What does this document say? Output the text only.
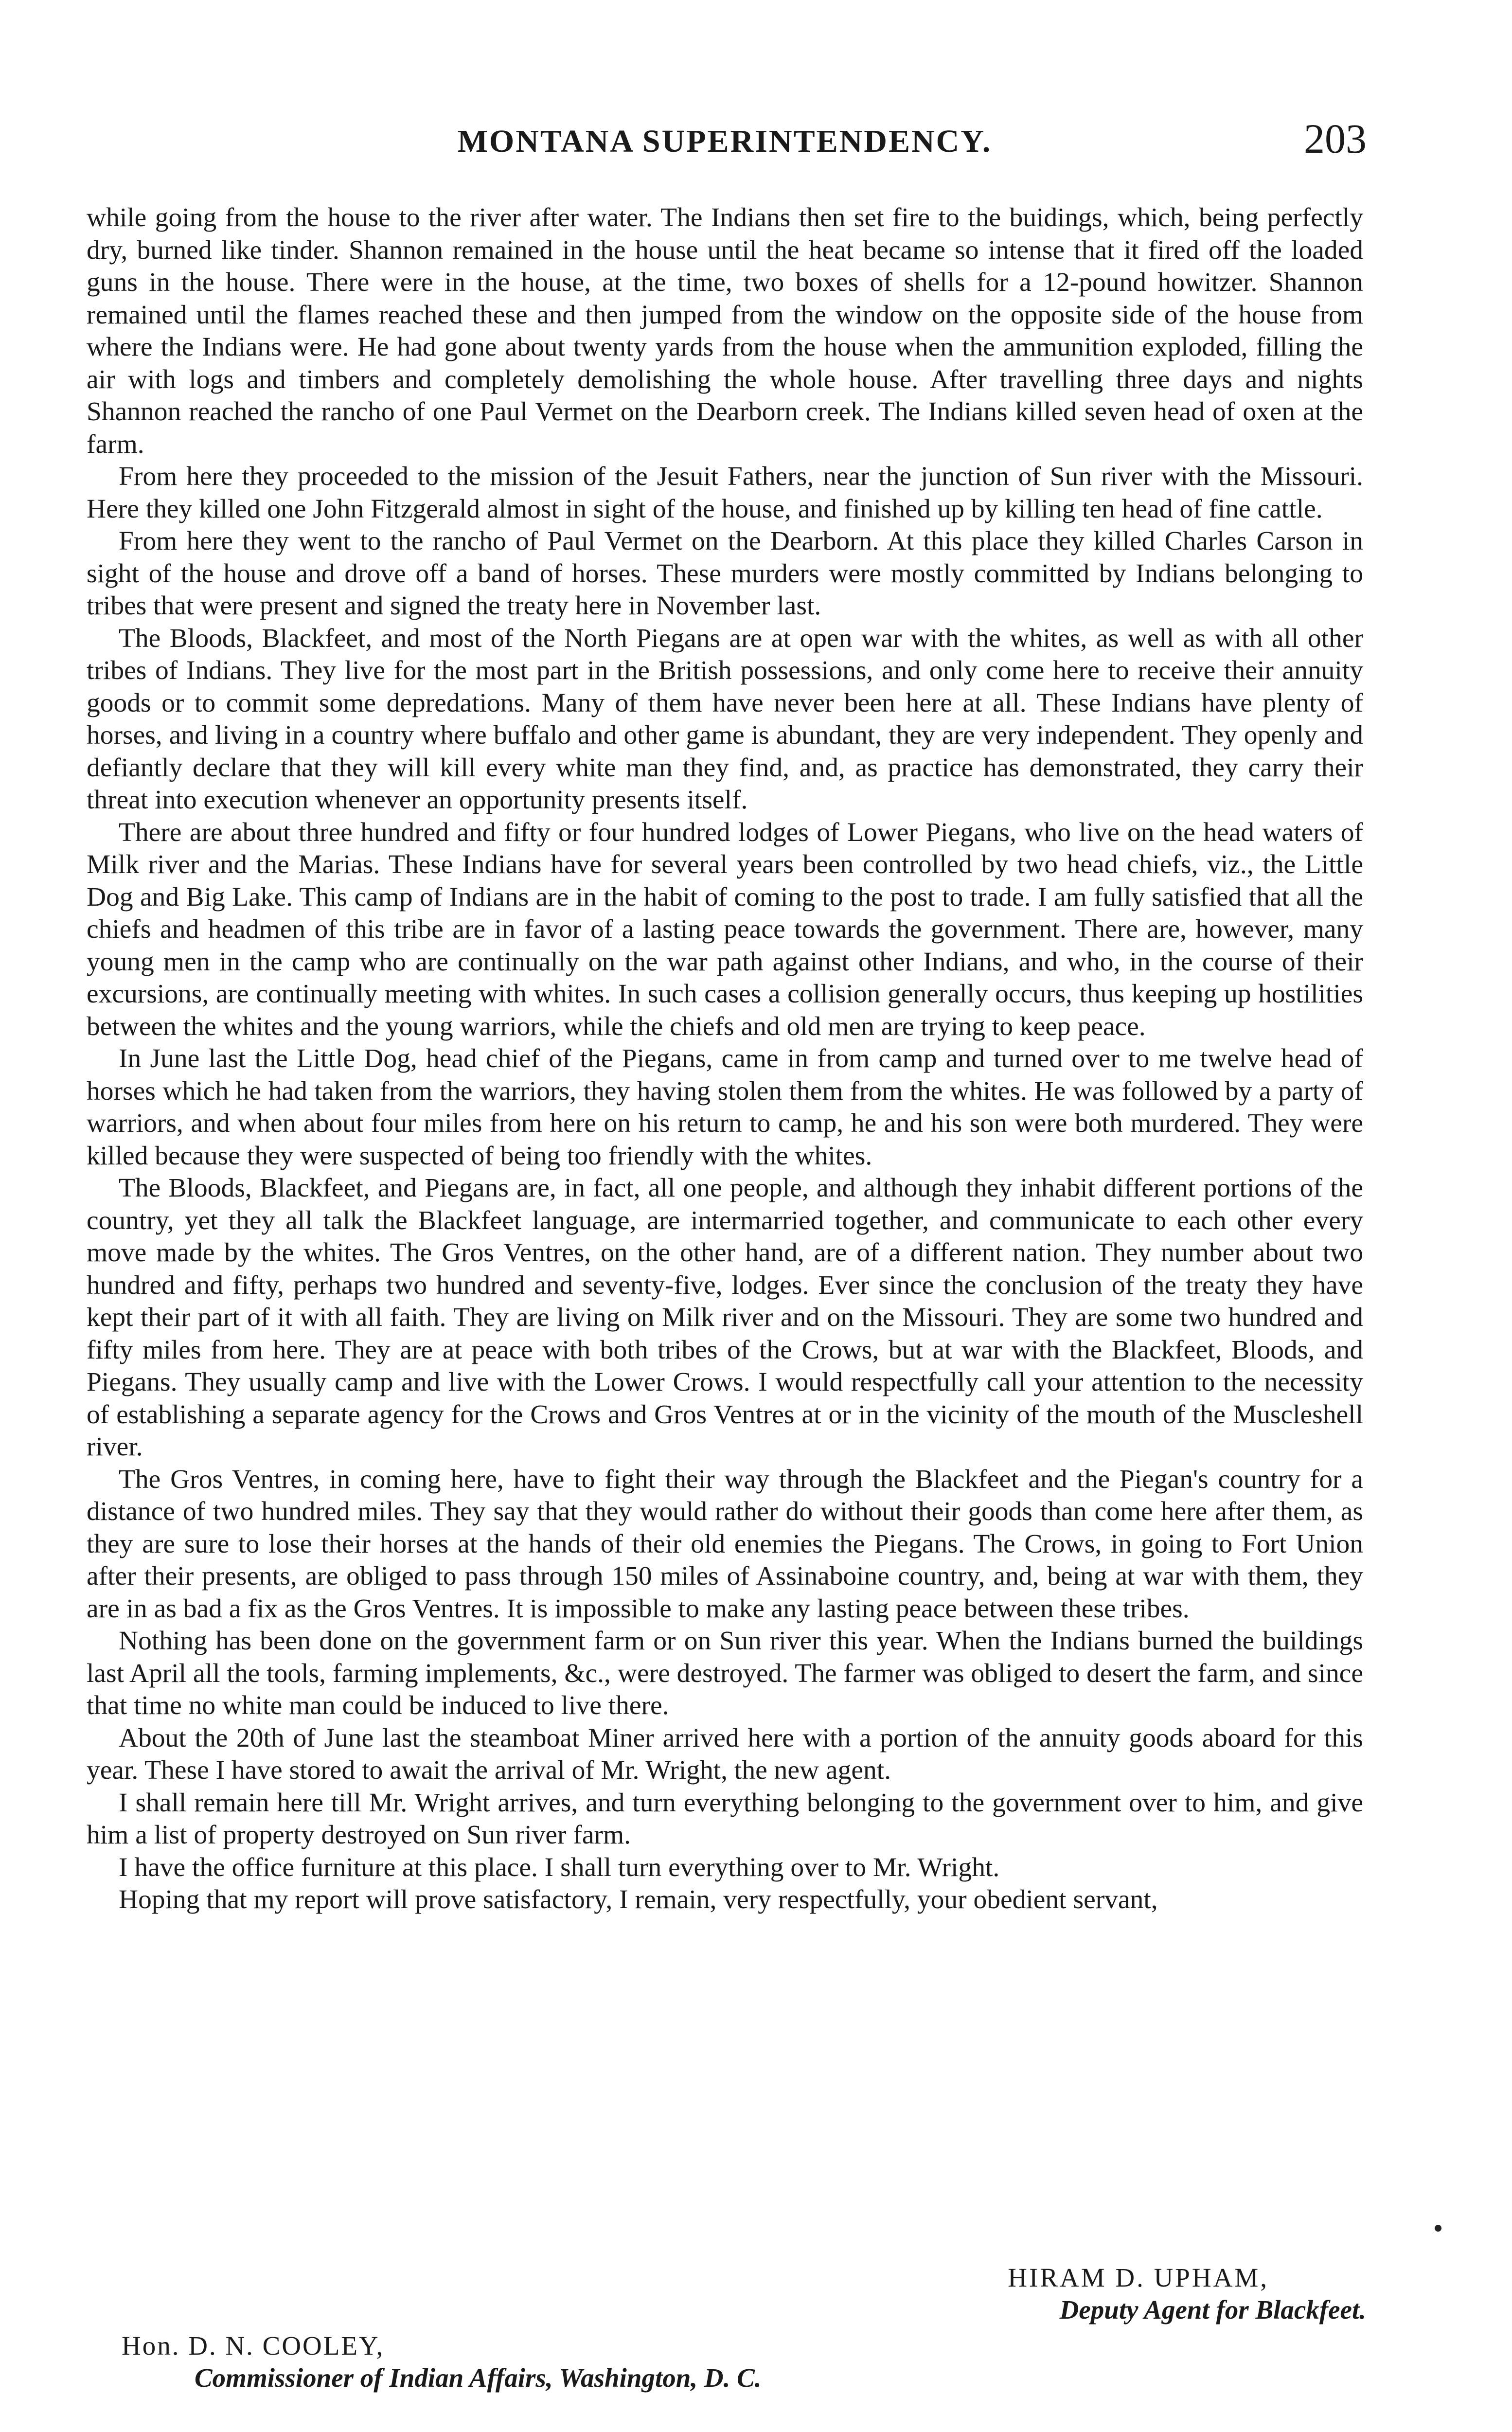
MONTANA SUPERINTENDENCY.	203

while going from the house to the river after water. The Indians then set fire to the buidings, which, being perfectly dry, burned like tinder. Shannon remained in the house until the heat became so intense that it fired off the loaded guns in the house. There were in the house, at the time, two boxes of shells for a 12-pound howitzer. Shannon remained until the flames reached these and then jumped from the window on the opposite side of the house from where the Indians were. He had gone about twenty yards from the house when the ammunition exploded, filling the air with logs and timbers and completely demolishing the whole house. After travelling three days and nights Shannon reached the rancho of one Paul Vermet on the Dearborn creek. The Indians killed seven head of oxen at the farm.

From here they proceeded to the mission of the Jesuit Fathers, near the junction of Sun river with the Missouri. Here they killed one John Fitzgerald almost in sight of the house, and finished up by killing ten head of fine cattle.

From here they went to the rancho of Paul Vermet on the Dearborn. At this place they killed Charles Carson in sight of the house and drove off a band of horses. These murders were mostly committed by Indians belonging to tribes that were present and signed the treaty here in November last.

The Bloods, Blackfeet, and most of the North Piegans are at open war with the whites, as well as with all other tribes of Indians. They live for the most part in the British possessions, and only come here to receive their annuity goods or to commit some depredations. Many of them have never been here at all. These Indians have plenty of horses, and living in a country where buffalo and other game is abundant, they are very independent. They openly and defiantly declare that they will kill every white man they find, and, as practice has demonstrated, they carry their threat into execution whenever an opportunity presents itself.

There are about three hundred and fifty or four hundred lodges of Lower Piegans, who live on the head waters of Milk river and the Marias. These Indians have for several years been controlled by two head chiefs, viz., the Little Dog and Big Lake. This camp of Indians are in the habit of coming to the post to trade. I am fully satisfied that all the chiefs and headmen of this tribe are in favor of a lasting peace towards the government. There are, however, many young men in the camp who are continually on the war path against other Indians, and who, in the course of their excursions, are continually meeting with whites. In such cases a collision generally occurs, thus keeping up hostilities between the whites and the young warriors, while the chiefs and old men are trying to keep peace.

In June last the Little Dog, head chief of the Piegans, came in from camp and turned over to me twelve head of horses which he had taken from the warriors, they having stolen them from the whites. He was followed by a party of warriors, and when about four miles from here on his return to camp, he and his son were both murdered. They were killed because they were suspected of being too friendly with the whites.

The Bloods, Blackfeet, and Piegans are, in fact, all one people, and although they inhabit different portions of the country, yet they all talk the Blackfeet language, are intermarried together, and communicate to each other every move made by the whites. The Gros Ventres, on the other hand, are of a different nation. They number about two hundred and fifty, perhaps two hundred and seventy-five, lodges. Ever since the conclusion of the treaty they have kept their part of it with all faith. They are living on Milk river and on the Missouri. They are some two hundred and fifty miles from here. They are at peace with both tribes of the Crows, but at war with the Blackfeet, Bloods, and Piegans. They usually camp and live with the Lower Crows. I would respectfully call your attention to the necessity of establishing a separate agency for the Crows and Gros Ventres at or in the vicinity of the mouth of the Muscleshell river.

The Gros Ventres, in coming here, have to fight their way through the Blackfeet and the Piegan's country for a distance of two hundred miles. They say that they would rather do without their goods than come here after them, as they are sure to lose their horses at the hands of their old enemies the Piegans. The Crows, in going to Fort Union after their presents, are obliged to pass through 150 miles of Assinaboine country, and, being at war with them, they are in as bad a fix as the Gros Ventres. It is impossible to make any lasting peace between these tribes.

Nothing has been done on the government farm or on Sun river this year. When the Indians burned the buildings last April all the tools, farming implements, &c., were destroyed. The farmer was obliged to desert the farm, and since that time no white man could be induced to live there.

About the 20th of June last the steamboat Miner arrived here with a portion of the annuity goods aboard for this year. These I have stored to await the arrival of Mr. Wright, the new agent.

I shall remain here till Mr. Wright arrives, and turn everything belonging to the government over to him, and give him a list of property destroyed on Sun river farm.

I have the office furniture at this place. I shall turn everything over to Mr. Wright.

Hoping that my report will prove satisfactory, I remain, very respectfully, your obedient servant,

HIRAM D. UPHAM,
Deputy Agent for Blackfeet.
Hon. D. N. COOLEY,
Commissioner of Indian Affairs, Washington, D. C.
